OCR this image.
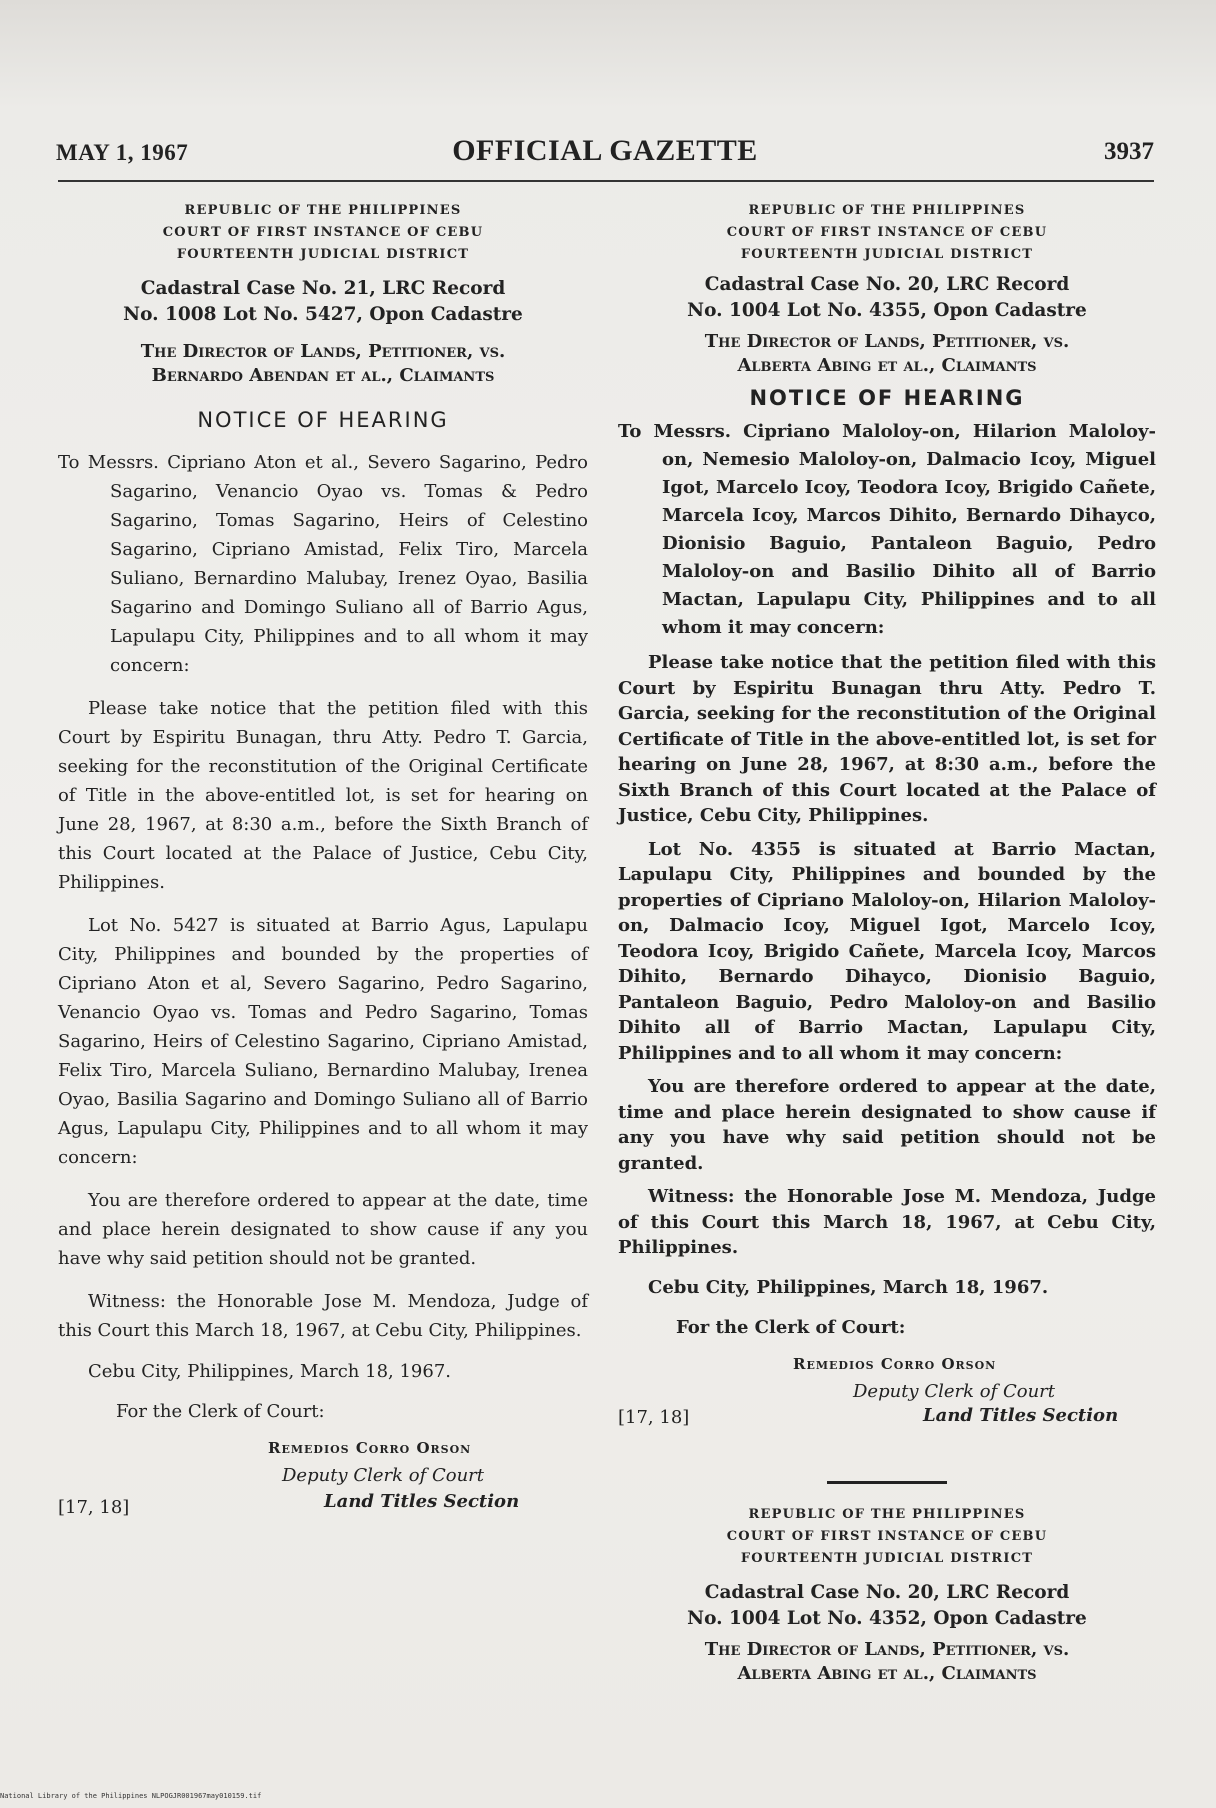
MAY 1, 1967	OFFICIAL GAZETTE	3937
REPUBLIC OF THE PHILIPPINES
COURT OF FIRST INSTANCE OF CEBU
FOURTEENTH JUDICIAL DISTRICT
Cadastral Case No. 21, LRC Record
No. 1008 Lot No. 5427, Opon Cadastre
The Director of Lands, Petitioner, vs.
Bernardo Abendan et al., Claimants
NOTICE OF HEARING
To Messrs. Cipriano Aton et al., Severo Sagarino, Pedro Sagarino, Venancio Oyao vs. Tomas & Pedro Sagarino, Tomas Sagarino, Heirs of Celestino Sagarino, Cipriano Amistad, Felix Tiro, Marcela Suliano, Bernardino Malubay, Irenez Oyao, Basilia Sagarino and Domingo Suliano all of Barrio Agus, Lapulapu City, Philippines and to all whom it may concern:
Please take notice that the petition filed with this Court by Espiritu Bunagan, thru Atty. Pedro T. Garcia, seeking for the reconstitution of the Original Certificate of Title in the above-entitled lot, is set for hearing on June 28, 1967, at 8:30 a.m., before the Sixth Branch of this Court located at the Palace of Justice, Cebu City, Philippines.
Lot No. 5427 is situated at Barrio Agus, Lapulapu City, Philippines and bounded by the properties of Cipriano Aton et al, Severo Sagarino, Pedro Sagarino, Venancio Oyao vs. Tomas and Pedro Sagarino, Tomas Sagarino, Heirs of Celestino Sagarino, Cipriano Amistad, Felix Tiro, Marcela Suliano, Bernardino Malubay, Irenea Oyao, Basilia Sagarino and Domingo Suliano all of Barrio Agus, Lapulapu City, Philippines and to all whom it may concern:
You are therefore ordered to appear at the date, time and place herein designated to show cause if any you have why said petition should not be granted.
Witness: the Honorable Jose M. Mendoza, Judge of this Court this March 18, 1967, at Cebu City, Philippines.
Cebu City, Philippines, March 18, 1967.
For the Clerk of Court:
Remedios Corro Orson
Deputy Clerk of Court
Land Titles Section
[17, 18]
REPUBLIC OF THE PHILIPPINES
COURT OF FIRST INSTANCE OF CEBU
FOURTEENTH JUDICIAL DISTRICT
Cadastral Case No. 20, LRC Record
No. 1004 Lot No. 4355, Opon Cadastre
The Director of Lands, Petitioner, vs.
Alberta Abing et al., Claimants
NOTICE OF HEARING
To Messrs. Cipriano Maloloy-on, Hilarion Maloloy-on, Nemesio Maloloy-on, Dalmacio Icoy, Miguel Igot, Marcelo Icoy, Teodora Icoy, Brigido Cañete, Marcela Icoy, Marcos Dihito, Bernardo Dihayco, Dionisio Baguio, Pantaleon Baguio, Pedro Maloloy-on and Basilio Dihito all of Barrio Mactan, Lapulapu City, Philippines and to all whom it may concern:
Please take notice that the petition filed with this Court by Espiritu Bunagan thru Atty. Pedro T. Garcia, seeking for the reconstitution of the Original Certificate of Title in the above-entitled lot, is set for hearing on June 28, 1967, at 8:30 a.m., before the Sixth Branch of this Court located at the Palace of Justice, Cebu City, Philippines.
Lot No. 4355 is situated at Barrio Mactan, Lapulapu City, Philippines and bounded by the properties of Cipriano Maloloy-on, Hilarion Maloloy-on, Dalmacio Icoy, Miguel Igot, Marcelo Icoy, Teodora Icoy, Brigido Cañete, Marcela Icoy, Marcos Dihito, Bernardo Dihayco, Dionisio Baguio, Pantaleon Baguio, Pedro Maloloy-on and Basilio Dihito all of Barrio Mactan, Lapulapu City, Philippines and to all whom it may concern:
You are therefore ordered to appear at the date, time and place herein designated to show cause if any you have why said petition should not be granted.
Witness: the Honorable Jose M. Mendoza, Judge of this Court this March 18, 1967, at Cebu City, Philippines.
Cebu City, Philippines, March 18, 1967.
For the Clerk of Court:
Remedios Corro Orson
Deputy Clerk of Court
Land Titles Section
[17, 18]
REPUBLIC OF THE PHILIPPINES
COURT OF FIRST INSTANCE OF CEBU
FOURTEENTH JUDICIAL DISTRICT
Cadastral Case No. 20, LRC Record
No. 1004 Lot No. 4352, Opon Cadastre
The Director of Lands, Petitioner, vs.
Alberta Abing et al., Claimants
National Library of the Philippines NLPOGJR001967may010159.tif
